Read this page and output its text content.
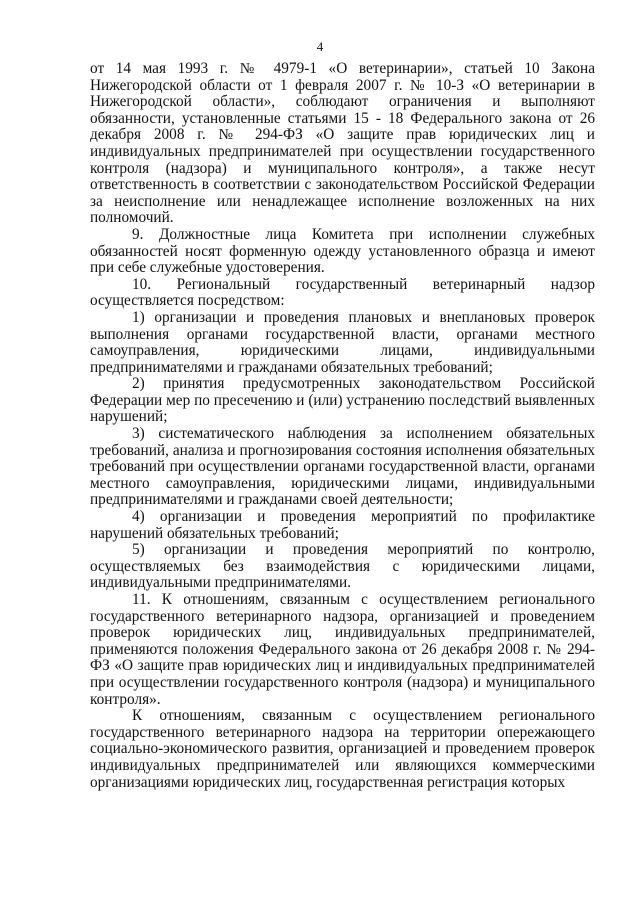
4

от 14 мая 1993 г. № 4979-1 «О ветеринарии», статьей 10 Закона Нижегородской области от 1 февраля 2007 г. № 10-З «О ветеринарии в Нижегородской области», соблюдают ограничения и выполняют обязанности, установленные статьями 15 - 18 Федерального закона от 26 декабря 2008 г. № 294-ФЗ «О защите прав юридических лиц и индивидуальных предпринимателей при осуществлении государственного контроля (надзора) и муниципального контроля», а также несут ответственность в соответствии с законодательством Российской Федерации за неисполнение или ненадлежащее исполнение возложенных на них полномочий.

9. Должностные лица Комитета при исполнении служебных обязанностей носят форменную одежду установленного образца и имеют при себе служебные удостоверения.

10. Региональный государственный ветеринарный надзор осуществляется посредством:

1) организации и проведения плановых и внеплановых проверок выполнения органами государственной власти, органами местного самоуправления, юридическими лицами, индивидуальными предпринимателями и гражданами обязательных требований;

2) принятия предусмотренных законодательством Российской Федерации мер по пресечению и (или) устранению последствий выявленных нарушений;

3) систематического наблюдения за исполнением обязательных требований, анализа и прогнозирования состояния исполнения обязательных требований при осуществлении органами государственной власти, органами местного самоуправления, юридическими лицами, индивидуальными предпринимателями и гражданами своей деятельности;

4) организации и проведения мероприятий по профилактике нарушений обязательных требований;

5) организации и проведения мероприятий по контролю, осуществляемых без взаимодействия с юридическими лицами, индивидуальными предпринимателями.

11. К отношениям, связанным с осуществлением регионального государственного ветеринарного надзора, организацией и проведением проверок юридических лиц, индивидуальных предпринимателей, применяются положения Федерального закона от 26 декабря 2008 г. № 294-ФЗ «О защите прав юридических лиц и индивидуальных предпринимателей при осуществлении государственного контроля (надзора) и муниципального контроля».

К отношениям, связанным с осуществлением регионального государственного ветеринарного надзора на территории опережающего социально-экономического развития, организацией и проведением проверок индивидуальных предпринимателей или являющихся коммерческими организациями юридических лиц, государственная регистрация которых
